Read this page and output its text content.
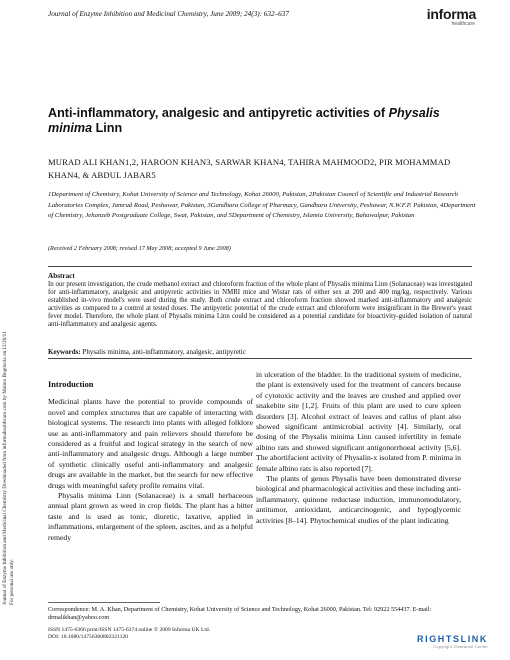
Journal of Enzyme Inhibition and Medicinal Chemistry, June 2009; 24(3): 632–637	informa
healthcare
Journal of Enzyme Inhibition and Medicinal Chemistry Downloaded from informahealthcare.com by Maimo Bogdoola on 12/26/11
For personal use only.
Anti-inflammatory, analgesic and antipyretic activities of Physalis minima Linn
MURAD ALI KHAN1,2, HAROON KHAN3, SARWAR KHAN4, TAHIRA MAHMOOD2, PIR MOHAMMAD KHAN4, & ABDUL JABAR5
1Department of Chemistry, Kohat University of Science and Technology, Kohat 26000, Pakistan, 2Pakistan Council of Scientific and Industrial Research Laboratories Complex, Jamrud Road, Peshawar, Pakistan, 3Gandhara College of Pharmacy, Gandhara University, Peshawar, N.W.F.P. Pakistan, 4Department of Chemistry, Jehanzeb Postgraduate College, Swat, Pakistan, and 5Department of Chemistry, Islamia University, Bahawalpur, Pakistan
(Received 2 February 2008; revised 17 May 2008; accepted 9 June 2008)
Abstract
In our present investigation, the crude methanol extract and chloroform fraction of the whole plant of Physalis minima Linn (Solanaceae) was investigated for anti-inflammatory, analgesic and antipyretic activities in NMRI mice and Wistar rats of either sex at 200 and 400 mg/kg, respectively. Various established in-vivo model's were used during the study. Both crude extract and chloroform fraction showed marked anti-inflammatory and analgesic activities as compared to a control at tested doses. The antipyretic potential of the crude extract and chloroform were insignificant in the Brewer's yeast fever model. Therefore, the whole plant of Physalis minima Linn could be considered as a potential candidate for bioactivity-guided isolation of natural anti-inflammatory and analgesic agents.
Keywords: Physalis minima, anti-inflammatory, analgesic, antipyretic
Introduction

Medicinal plants have the potential to provide compounds of novel and complex structures that are capable of interacting with biological systems. The research into plants with alleged folklore use as anti-inflammatory and pain relievers should therefore be considered as a fruitful and logical strategy in the search of new anti-inflammatory and analgesic drugs. Although a large number of synthetic clinically useful anti-inflammatory and analgesic drugs are available in the market, but the search for new effective drugs with meaningful safety profile remains vital.

Physalis minima Linn (Solanaceae) is a small herbaceous annual plant grown as weed in crop fields. The plant has a bitter taste and is used as tonic, diuretic, laxative, applied in inflammations, enlargement of the spleen, ascites, and as a helpful remedy

in ulceration of the bladder. In the traditional system of medicine, the plant is extensively used for the treatment of cancers because of cytotoxic activity and the leaves are crushed and applied over snakebite site [1,2]. Fruits of this plant are used to cure spleen disorders [3]. Alcohol extract of leaves and callus of plant also showed significant antimicrobial activity [4]. Similarly, oral dosing of the Physalis minima Linn caused infertility in female albino rats and showed significant antigonorrhoeal activity [5,6]. The abortifacient activity of Physalin-x isolated from P. minima in female albino rats is also reported [7].

The plants of genus Physalis have been demonstrated diverse biological and pharmacological activities and these including anti-inflammatory, quinone reductase induction, immunomodulatory, antitumor, antioxidant, anticarcinogenic, and hypoglycemic activities [8–14]. Phytochemical studies of the plant indicating

Correspondence: M. A. Khan, Department of Chemistry, Kohat University of Science and Technology, Kohat 26000, Pakistan. Tel: 92922 554437. E-mail: drmalikhan@yahoo.com
ISSN 1475-6366 print/ISSN 1475-6374 online © 2009 Informa UK Ltd.
DOI: 10.1080/14756360802321120	RIGHTSLINK
Copyright Clearance Center
